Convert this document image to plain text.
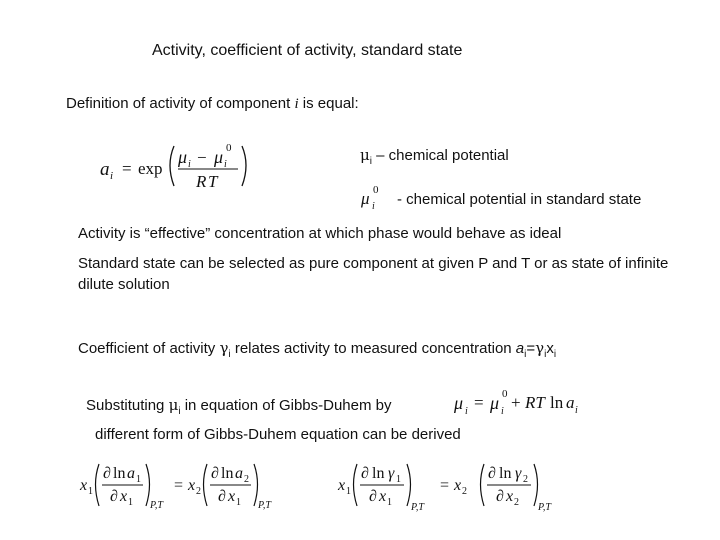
Activity, coefficient of activity, standard state
Definition of activity of component i is equal:
a i = exp
μ i − μ 0
i
R T
$\mu_i$ – chemical potential
μ 0
i - chemical potential in standard state
Activity is “effective” concentration at which phase would behave as ideal
Standard state can be selected as pure component at given P and T or as state of infinite dilute solution
Coefficient of activity $\gamma_i$ relates activity to measured concentration $a_i=\gamma_ix_i$
Substituting $\mu_i$ in equation of Gibbs-Duhem by	μ i = μ 0
i + RT ln a i
different form of Gibbs-Duhem equation can be derived
x 1
∂ ln a 1
∂ x 1 P,T
= x 2
∂ ln a 2
∂ x 1 P,T
x 1
∂ ln γ 1
∂ x 1 P,T
= x 2
∂ ln γ 2
∂ x 2 P,T
